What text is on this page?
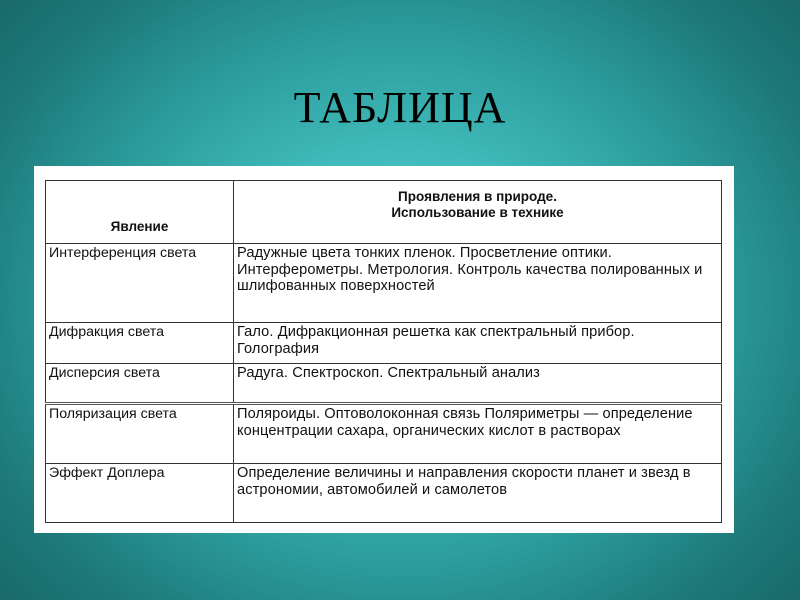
ТАБЛИЦА
Явление	Проявления в природе.
Использование в технике
Интерференция света	Радужные цвета тонких пленок. Просветление оптики. Интерферометры. Метрология. Контроль качества полированных и шлифованных поверхностей
Дифракция света	Гало. Дифракционная решетка как спектральный прибор. Голография
Дисперсия света	Радуга. Спектроскоп. Спектральный анализ
Поляризация света	Поляроиды. Оптоволоконная связь Поляриметры — определение концентрации сахара, органических кислот в растворах
Эффект Доплера	Определение величины и направления скорости планет и звезд в астрономии, автомобилей и самолетов
